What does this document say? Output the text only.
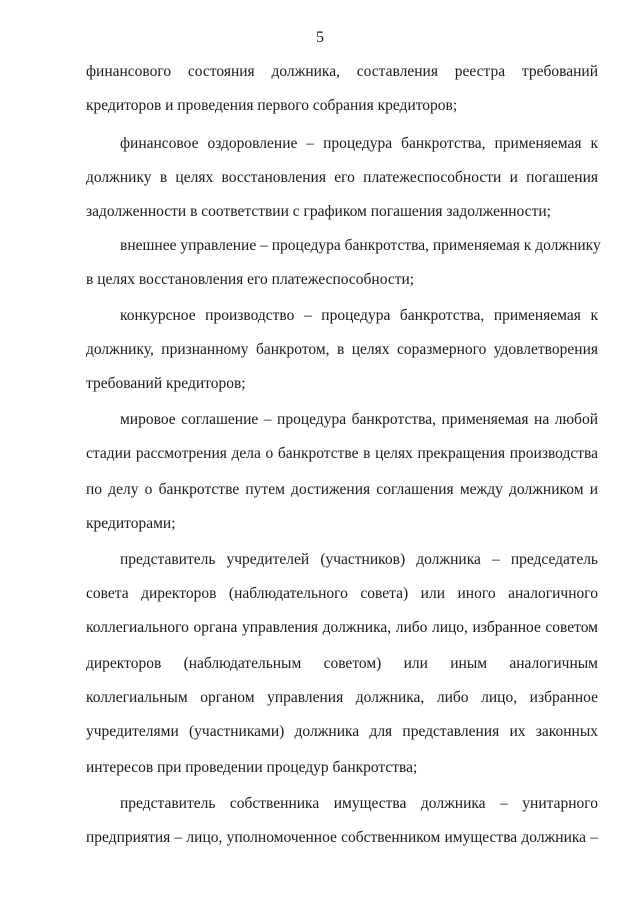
5
финансового состояния должника, составления реестра требований
кредиторов и проведения первого собрания кредиторов;
финансовое оздоровление – процедура банкротства, применяемая к
должнику в целях восстановления его платежеспособности и погашения
задолженности в соответствии с графиком погашения задолженности;
внешнее управление – процедура банкротства, применяемая к должнику
в целях восстановления его платежеспособности;
конкурсное производство – процедура банкротства, применяемая к
должнику, признанному банкротом, в целях соразмерного удовлетворения
требований кредиторов;
мировое соглашение – процедура банкротства, применяемая на любой
стадии рассмотрения дела о банкротстве в целях прекращения производства
по делу о банкротстве путем достижения соглашения между должником и
кредиторами;
представитель учредителей (участников) должника – председатель
совета директоров (наблюдательного совета) или иного аналогичного
коллегиального органа управления должника, либо лицо, избранное советом
директоров (наблюдательным советом) или иным аналогичным
коллегиальным органом управления должника, либо лицо, избранное
учредителями (участниками) должника для представления их законных
интересов при проведении процедур банкротства;
представитель собственника имущества должника – унитарного
предприятия – лицо, уполномоченное собственником имущества должника –
